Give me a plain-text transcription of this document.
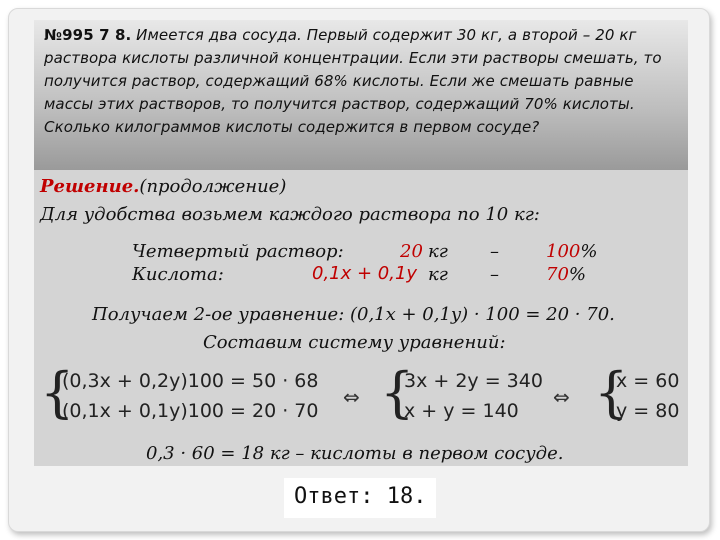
№995 7 8. Имеется два сосуда. Первый содержит 30 кг, а второй – 20 кг
раствора кислоты различной концентрации. Если эти растворы смешать, то
получится раствор, содержащий 68% кислоты. Если же смешать равные
массы этих растворов, то получится раствор, содержащий 70% кислоты.
Сколько килограммов кислоты содержится в первом сосуде?
Решение.(продолжение)
Для удобства возьмем каждого раствора по 10 кг:
Четвертый раствор:	20 кг –	100%
Кислота:	0,1x + 0,1y кг –	70%
Получаем 2-ое уравнение: (0,1x + 0,1y) · 100 = 20 · 70.
Составим систему уравнений:
{
(0,3x + 0,2y)100 = 50 · 68
(0,1x + 0,1y)100 = 20 · 70
⇔ {
3x + 2y = 340
x + y = 140
⇔ {
x = 60
y = 80
0,3 · 60 = 18 кг – кислоты в первом сосуде.
Ответ: 18.
